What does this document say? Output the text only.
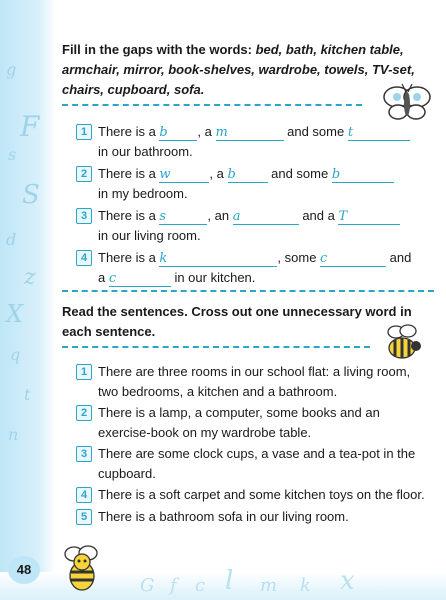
g
F
s
S
d
z
X
q
t
n
G f c l m k x

Fill in the gaps with the words: bed, bath, kitchen table, armchair, mirror, book-shelves, wardrobe, towels, TV-set, chairs, cupboard, sofa.

1 There is a b , a m	and some t
in our bathroom.
2 There is a w	, a b and some b
in my bedroom.
3 There is a s	, an a	and a T
in our living room.
4 There is a k	, some c	and
a c	in our kitchen.

Read the sentences. Cross out one unnecessary word in each sentence.

1 There are three rooms in our school flat: a living room, two bedrooms, a kitchen and a bathroom.
2 There is a lamp, a computer, some books and an exercise-book on my wardrobe table.
3 There are some clock cups, a vase and a tea-pot in the cupboard.
4 There is a soft carpet and some kitchen toys on the floor.
5 There is a bathroom sofa in our living room.
48
